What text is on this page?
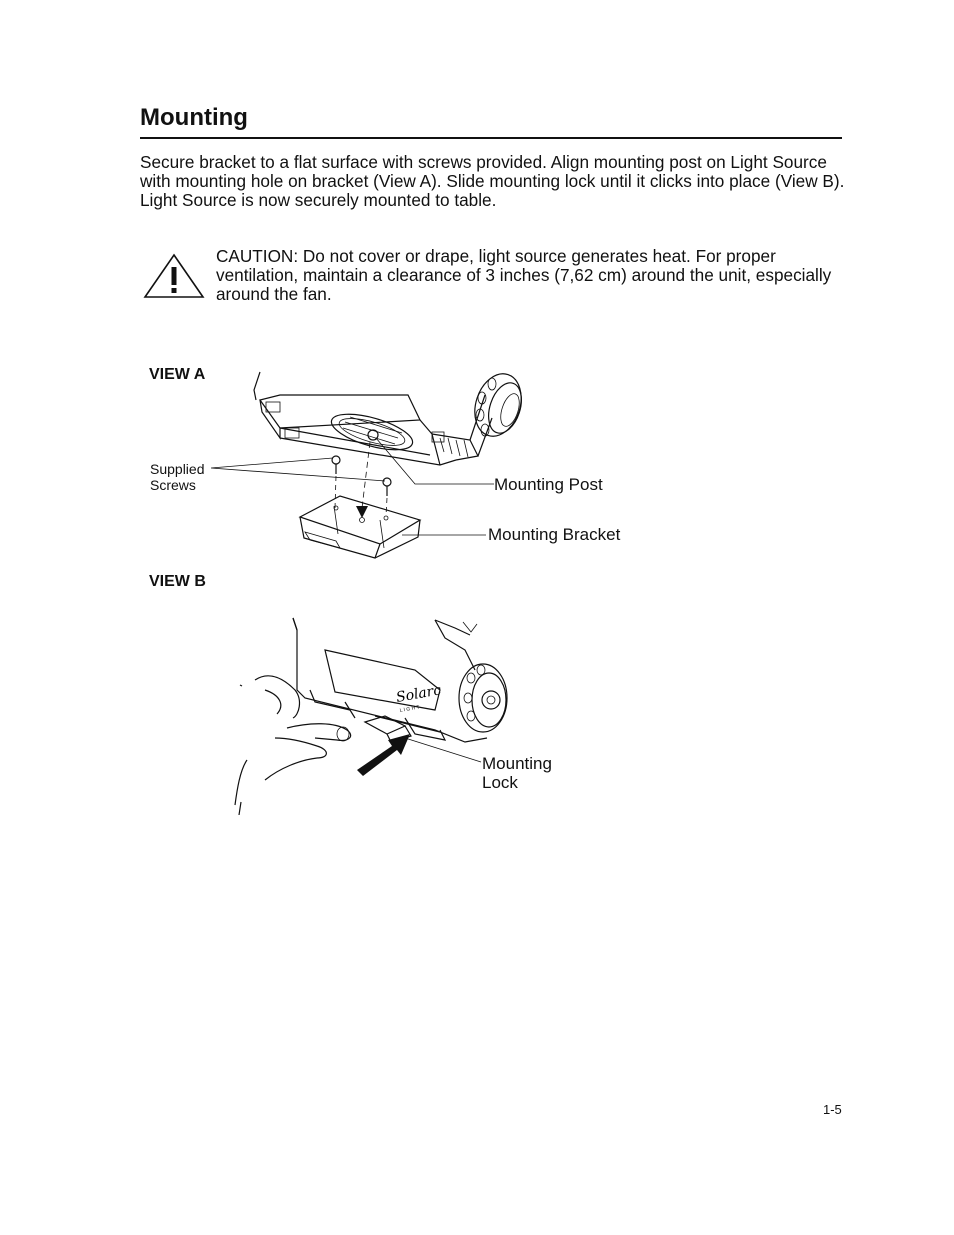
Mounting

Secure bracket to a flat surface with screws provided. Align mounting post on Light Source with mounting hole on bracket (View A). Slide mounting lock until it clicks into place (View B). Light Source is now securely mounted to table.

CAUTION: Do not cover or drape, light source generates heat. For proper ventilation, maintain a clearance of 3 inches (7,62 cm) around the unit, especially around the fan.

VIEW A
Supplied
Screws	Mounting Post
Mounting Bracket
VIEW B
Solarc
L I G H T
Mounting
Lock
1-5
